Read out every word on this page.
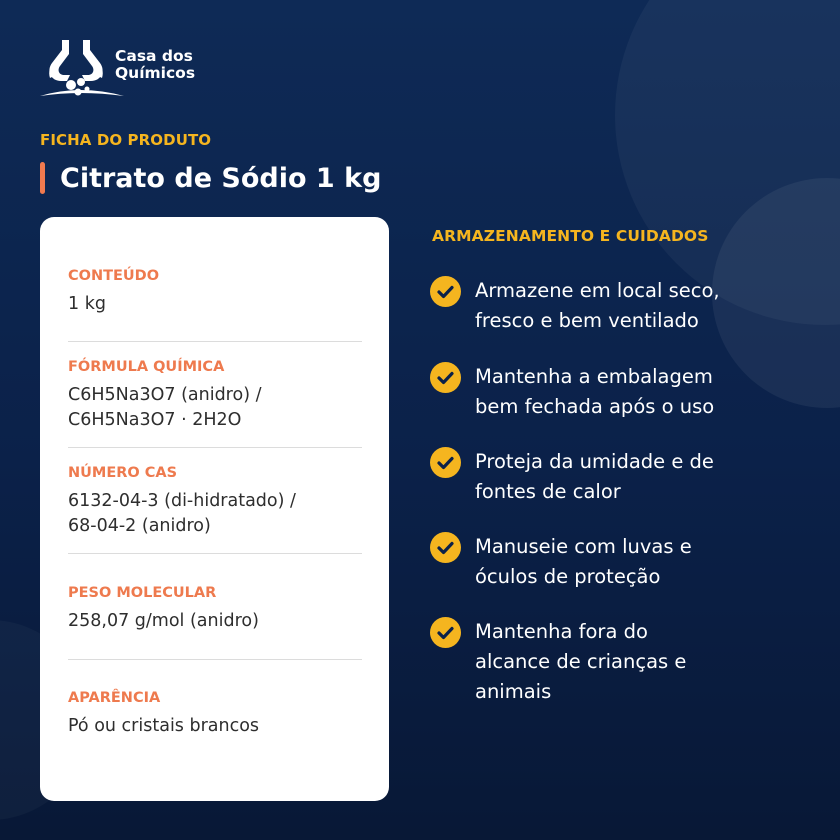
Casa dos
Químicos
FICHA DO PRODUTO
Citrato de Sódio 1 kg
CONTEÚDO
1 kg
FÓRMULA QUÍMICA
C6H5Na3O7 (anidro) /
C6H5Na3O7 · 2H2O
NÚMERO CAS
6132-04-3 (di-hidratado) /
68-04-2 (anidro)
PESO MOLECULAR
258,07 g/mol (anidro)
APARÊNCIA
Pó ou cristais brancos
ARMAZENAMENTO E CUIDADOS
Armazene em local seco,
fresco e bem ventilado
Mantenha a embalagem
bem fechada após o uso
Proteja da umidade e de
fontes de calor
Manuseie com luvas e
óculos de proteção
Mantenha fora do
alcance de crianças e
animais
